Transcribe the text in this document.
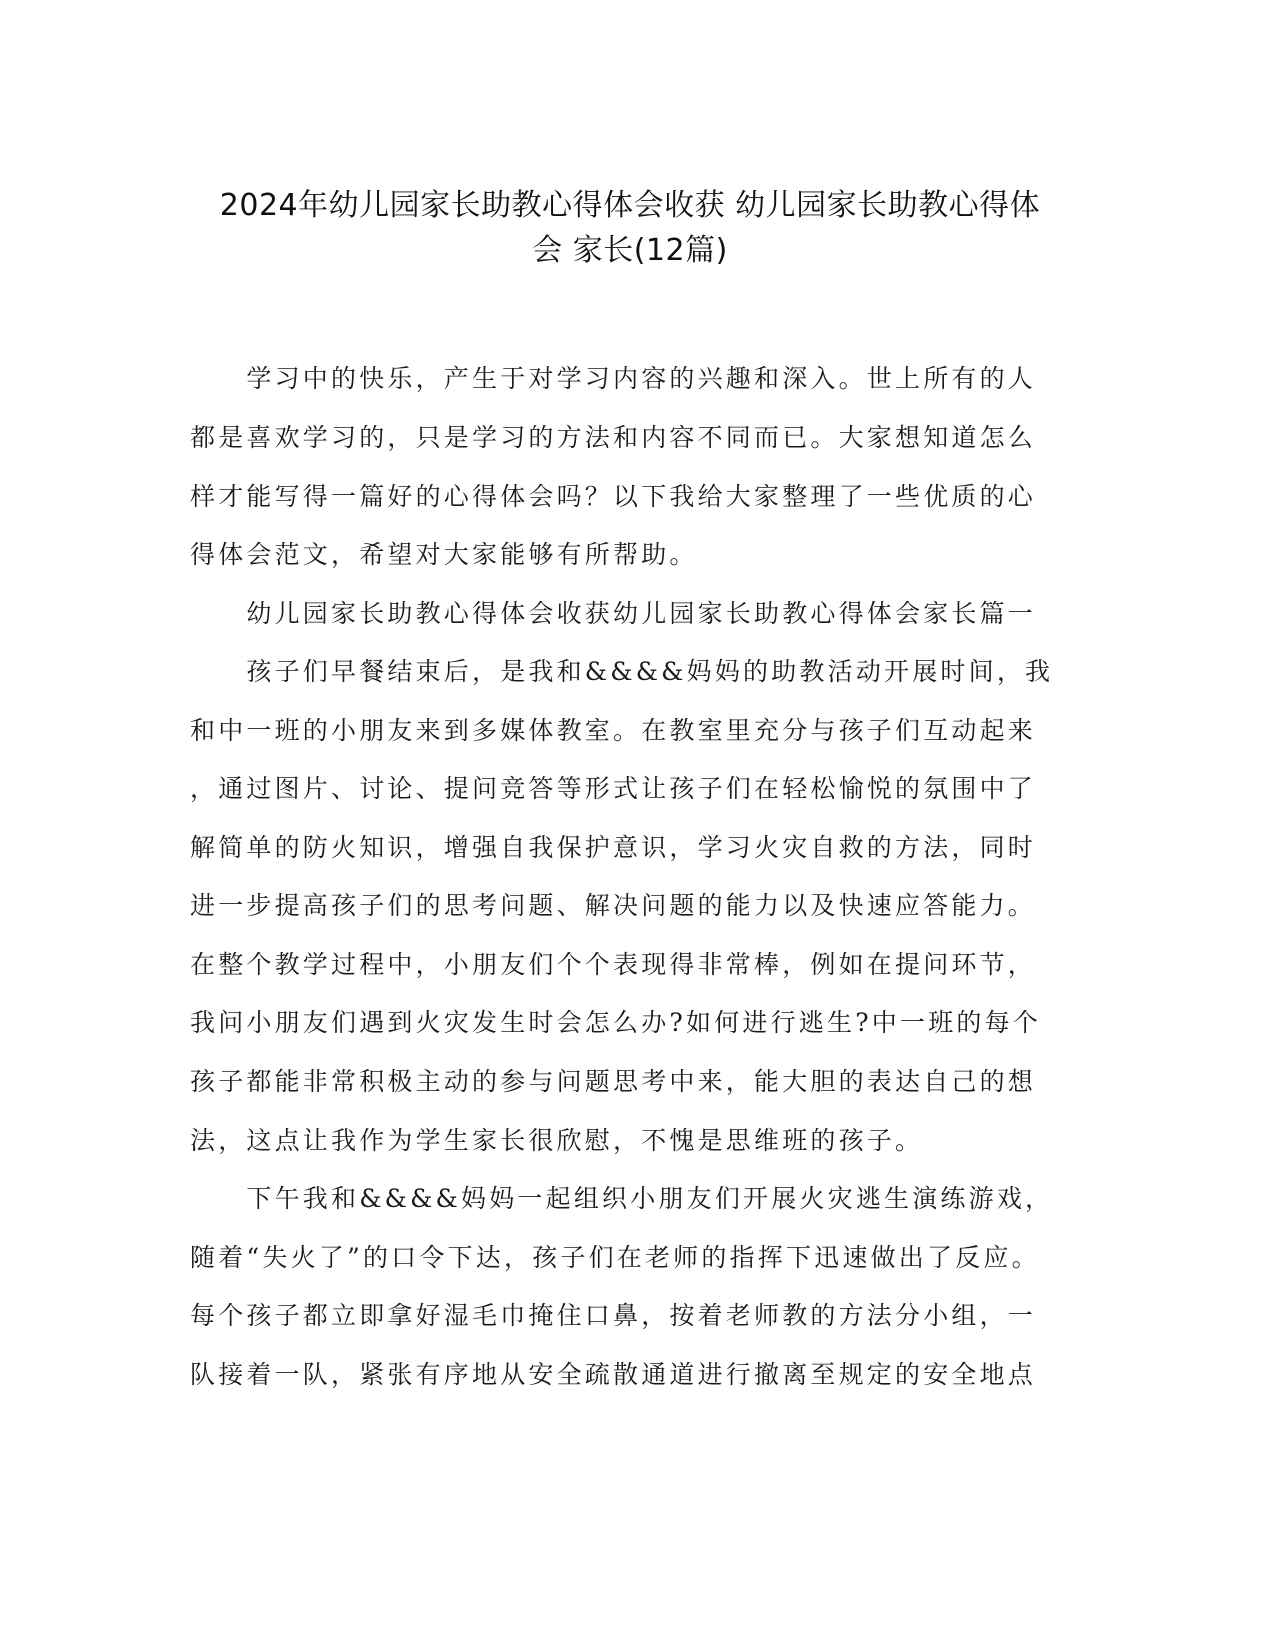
2024年幼儿园家长助教心得体会收获 幼儿园家长助教心得体
会 家长(12篇)

　　学习中的快乐，产生于对学习内容的兴趣和深入。世上所有的人

都是喜欢学习的，只是学习的方法和内容不同而已。大家想知道怎么

样才能写得一篇好的心得体会吗？以下我给大家整理了一些优质的心

得体会范文，希望对大家能够有所帮助。

　　幼儿园家长助教心得体会收获幼儿园家长助教心得体会家长篇一

　　孩子们早餐结束后，是我和&&&&妈妈的助教活动开展时间，我

和中一班的小朋友来到多媒体教室。在教室里充分与孩子们互动起来

，通过图片、讨论、提问竞答等形式让孩子们在轻松愉悦的氛围中了

解简单的防火知识，增强自我保护意识，学习火灾自救的方法，同时

进一步提高孩子们的思考问题、解决问题的能力以及快速应答能力。

在整个教学过程中，小朋友们个个表现得非常棒，例如在提问环节，

我问小朋友们遇到火灾发生时会怎么办?如何进行逃生?中一班的每个

孩子都能非常积极主动的参与问题思考中来，能大胆的表达自己的想

法，这点让我作为学生家长很欣慰，不愧是思维班的孩子。

　　下午我和&&&&妈妈一起组织小朋友们开展火灾逃生演练游戏，

随着“失火了”的口令下达，孩子们在老师的指挥下迅速做出了反应。

每个孩子都立即拿好湿毛巾掩住口鼻，按着老师教的方法分小组，一

队接着一队，紧张有序地从安全疏散通道进行撤离至规定的安全地点
